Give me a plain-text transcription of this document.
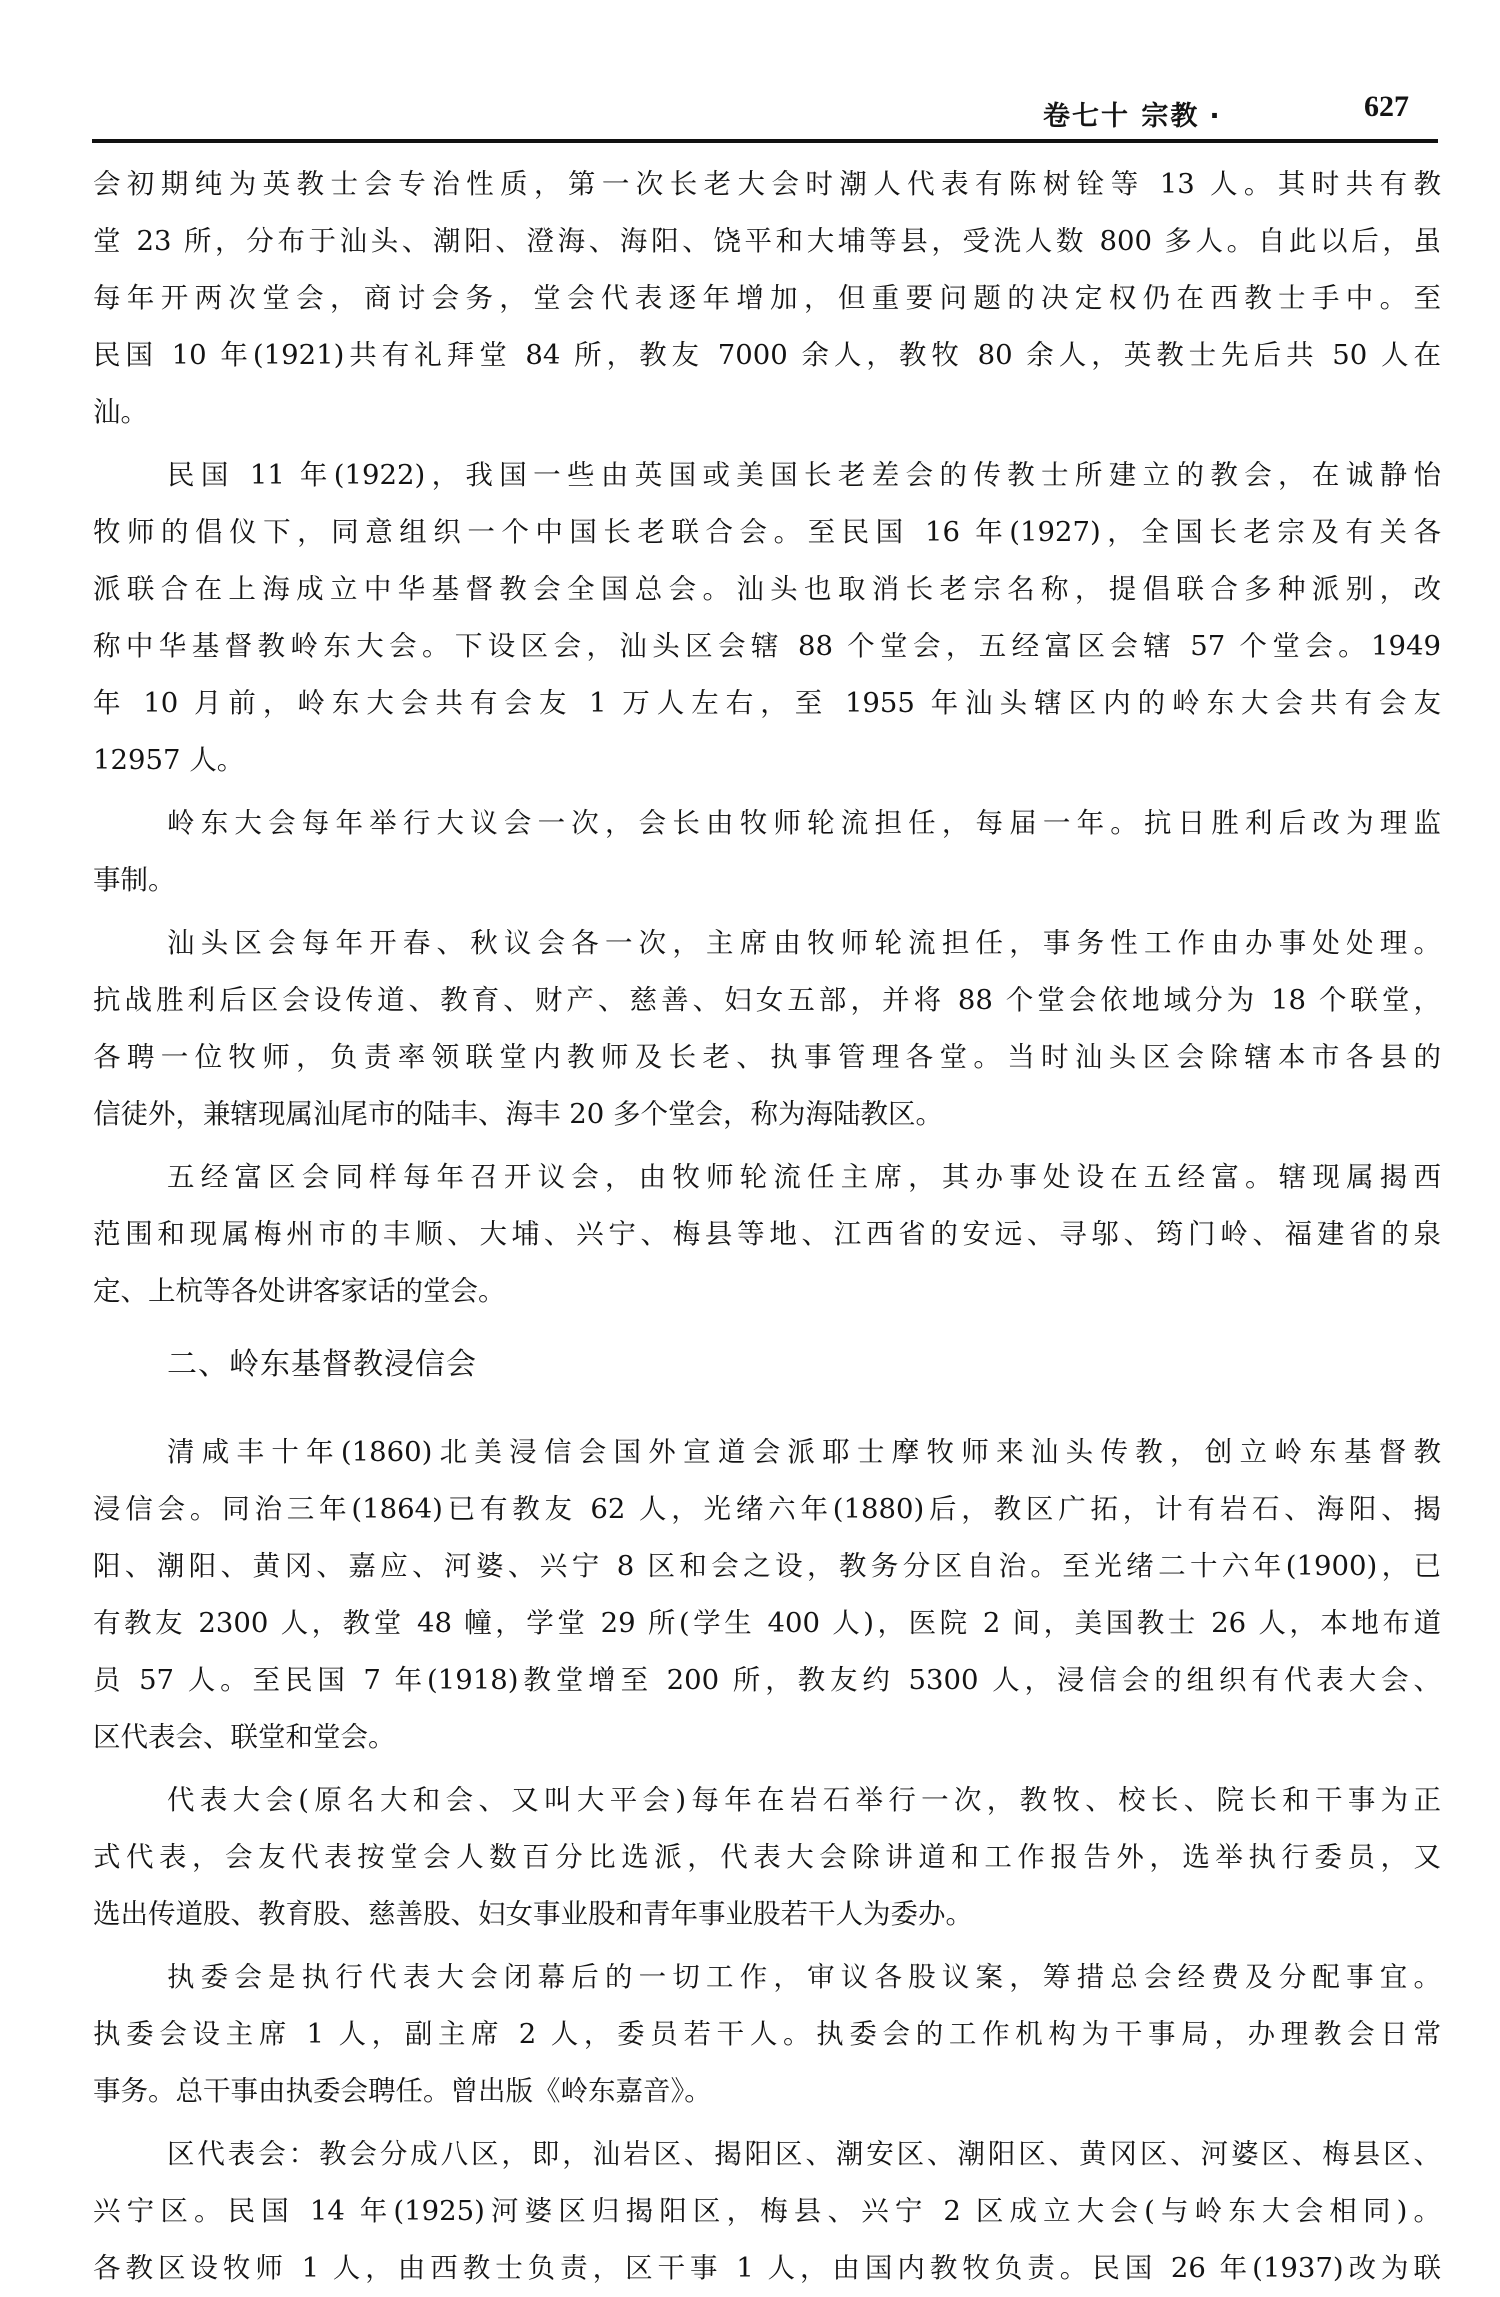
卷七十 宗教 ·	627
会初期纯为英教士会专治性质，第一次长老大会时潮人代表有陈树铨等 13 人。其时共有教
堂 23 所，分布于汕头、潮阳、澄海、海阳、饶平和大埔等县，受洗人数 800 多人。自此以后，虽
每年开两次堂会，商讨会务，堂会代表逐年增加，但重要问题的决定权仍在西教士手中。至
民国 10 年(1921)共有礼拜堂 84 所，教友 7000 余人，教牧 80 余人，英教士先后共 50 人在
汕。
民国 11 年(1922)，我国一些由英国或美国长老差会的传教士所建立的教会，在诚静怡
牧师的倡仪下，同意组织一个中国长老联合会。至民国 16 年(1927)，全国长老宗及有关各
派联合在上海成立中华基督教会全国总会。汕头也取消长老宗名称，提倡联合多种派别，改
称中华基督教岭东大会。下设区会，汕头区会辖 88 个堂会，五经富区会辖 57 个堂会。1949
年 10 月前，岭东大会共有会友 1 万人左右，至 1955 年汕头辖区内的岭东大会共有会友
12957 人。
岭东大会每年举行大议会一次，会长由牧师轮流担任，每届一年。抗日胜利后改为理监
事制。
汕头区会每年开春、秋议会各一次，主席由牧师轮流担任，事务性工作由办事处处理。
抗战胜利后区会设传道、教育、财产、慈善、妇女五部，并将 88 个堂会依地域分为 18 个联堂，
各聘一位牧师，负责率领联堂内教师及长老、执事管理各堂。当时汕头区会除辖本市各县的
信徒外，兼辖现属汕尾市的陆丰、海丰 20 多个堂会，称为海陆教区。
五经富区会同样每年召开议会，由牧师轮流任主席，其办事处设在五经富。辖现属揭西
范围和现属梅州市的丰顺、大埔、兴宁、梅县等地、江西省的安远、寻邬、筠门岭、福建省的泉
定、上杭等各处讲客家话的堂会。
二、岭东基督教浸信会
清咸丰十年(1860)北美浸信会国外宣道会派耶士摩牧师来汕头传教，创立岭东基督教
浸信会。同治三年(1864)已有教友 62 人，光绪六年(1880)后，教区广拓，计有岩石、海阳、揭
阳、潮阳、黄冈、嘉应、河婆、兴宁 8 区和会之设，教务分区自治。至光绪二十六年(1900)，已
有教友 2300 人，教堂 48 幢，学堂 29 所(学生 400 人)，医院 2 间，美国教士 26 人，本地布道
员 57 人。至民国 7 年(1918)教堂增至 200 所，教友约 5300 人，浸信会的组织有代表大会、
区代表会、联堂和堂会。
代表大会(原名大和会、又叫大平会)每年在岩石举行一次，教牧、校长、院长和干事为正
式代表，会友代表按堂会人数百分比选派，代表大会除讲道和工作报告外，选举执行委员，又
选出传道股、教育股、慈善股、妇女事业股和青年事业股若干人为委办。
执委会是执行代表大会闭幕后的一切工作，审议各股议案，筹措总会经费及分配事宜。
执委会设主席 1 人，副主席 2 人，委员若干人。执委会的工作机构为干事局，办理教会日常
事务。总干事由执委会聘任。曾出版《岭东嘉音》。
区代表会：教会分成八区，即，汕岩区、揭阳区、潮安区、潮阳区、黄冈区、河婆区、梅县区、
兴宁区。民国 14 年(1925)河婆区归揭阳区，梅县、兴宁 2 区成立大会(与岭东大会相同)。
各教区设牧师 1 人，由西教士负责，区干事 1 人，由国内教牧负责。民国 26 年(1937)改为联
